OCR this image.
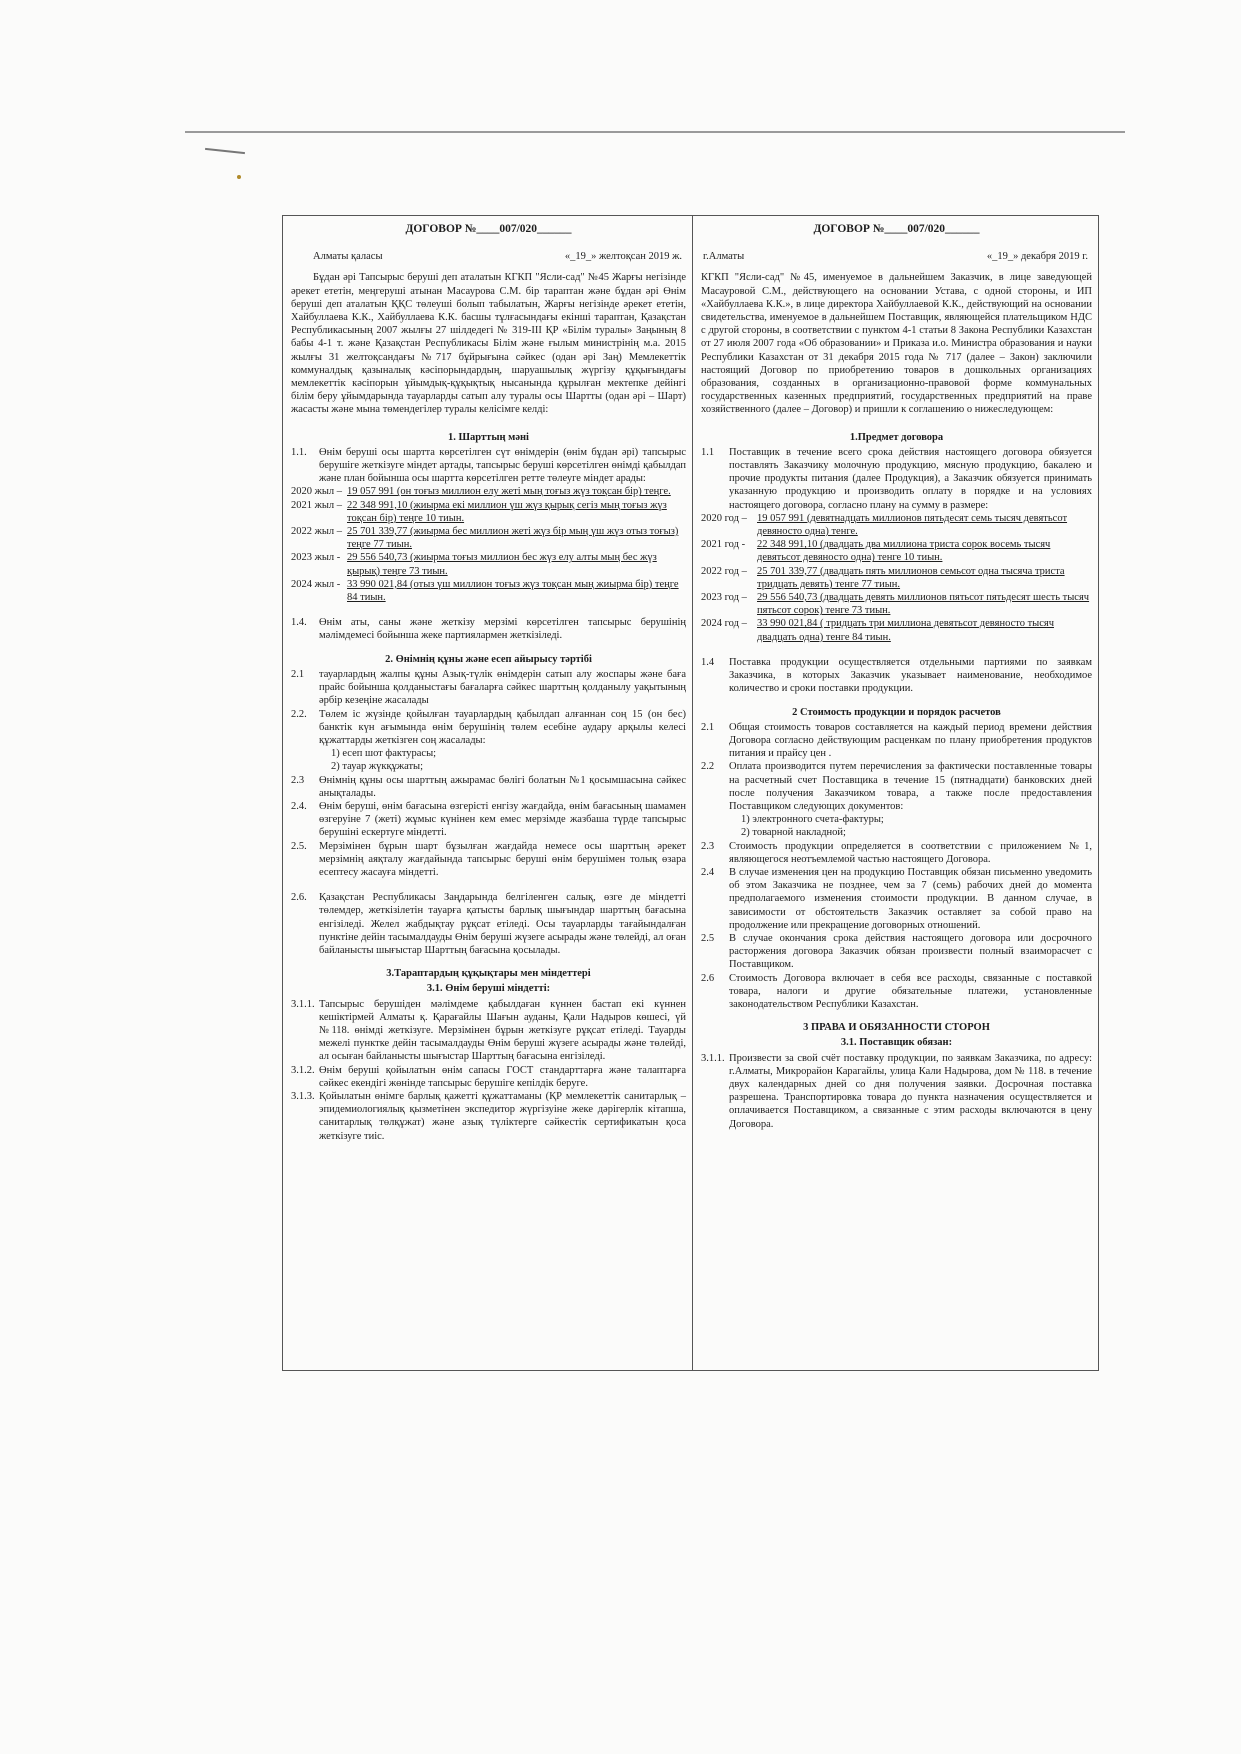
ДОГОВОР №____007/020______
Алматы қаласы	«_19_» желтоқсан 2019 ж.

Бұдан әрі Тапсырыс беруші деп аталатын КГКП "Ясли-сад" №45 Жарғы негізінде әрекет ететін, меңгеруші атынан Масаурова С.М. бір тараптан және бұдан әрі Өнім беруші деп аталатын ҚҚС төлеуші болып табылатын, Жарғы негізінде әрекет ететін, Хайбуллаева К.К., Хайбуллаева К.К. басшы тұлғасындағы екінші тараптан, Қазақстан Республикасының 2007 жылғы 27 шілдедегі № 319-III ҚР «Білім туралы» Заңының 8 бабы 4-1 т. және Қазақстан Республикасы Білім және ғылым министрінің м.а. 2015 жылғы 31 желтоқсандағы №717 бұйрығына сәйкес (одан әрі Заң) Мемлекеттік коммуналдық қазыналық кәсіпорындардың, шаруашылық жүргізу құқығындағы мемлекеттік кәсіпорын ұйымдық-құқықтық нысанында құрылған мектепке дейінгі білім беру ұйымдарында тауарларды сатып алу туралы осы Шартты (одан әрі – Шарт) жасасты және мына төмендегілер туралы келісімге келді:

1. Шарттың мәні
1.1.	Өнім беруші осы шартта көрсетілген сүт өнімдерін (өнім бұдан әрі) тапсырыс берушіге жеткізуге міндет артады, тапсырыс беруші көрсетілген өнімді қабылдап және план бойынша осы шартта көрсетілген ретте төлеуге міндет арады:
2020 жыл – 19 057 991 (он тоғыз миллион елу жеті мың тоғыз жүз тоқсан бір) теңге.
2021 жыл – 22 348 991,10 (жиырма екі миллион үш жүз қырық сегіз мың тоғыз жүз тоқсан бір) теңге 10 тиын.
2022 жыл – 25 701 339,77 (жиырма бес миллион жеті жүз бір мың үш жүз отыз тоғыз) теңге 77 тиын.
2023 жыл - 29 556 540,73 (жиырма тоғыз миллион бес жүз елу алты мың бес жүз қырық) теңге 73 тиын.
2024 жыл - 33 990 021,84 (отыз үш миллион тоғыз жүз тоқсан мың жиырма бір) теңге 84 тиын.
1.4.	Өнім аты, саны және жеткізу мерзімі көрсетілген тапсырыс берушінің мәлімдемесі бойынша жеке партиялармен жеткізіледі.
2. Өнімнің құны және есеп айырысу тәртібі
2.1	тауарлардың жалпы құны Азық-түлік өнімдерін сатып алу жоспары және баға прайс бойынша қолданыстағы бағаларға сәйкес шарттың қолданылу уақытының әрбір кезеңіне жасалады
2.2.	Төлем іс жүзінде қойылған тауарлардың қабылдап алғаннан соң 15 (он бес) банктік күн ағымында өнім берушінің төлем есебіне аудару арқылы келесі құжаттарды жеткізген соң жасалады:
1) есеп шот фактурасы;
2) тауар жүкқұжаты;
2.3	Өнімнің құны осы шарттың ажырамас бөлігі болатын №1 қосымшасына сәйкес анықталады.
2.4.	Өнім беруші, өнім бағасына өзгерісті енгізу жағдайда, өнім бағасының шамамен өзгеруіне 7 (жеті) жұмыс күнінен кем емес мерзімде жазбаша түрде тапсырыс берушіні ескертуге міндетті.
2.5.	Мерзімінен бұрын шарт бұзылған жағдайда немесе осы шарттың әрекет мерзімнің аяқталу жағдайында тапсырыс беруші өнім берушімен толық өзара есептесу жасауға міндетті.
2.6.	Қазақстан Республикасы Заңдарында белгіленген салық, өзге де міндетті төлемдер, жеткізілетін тауарға қатысты барлық шығындар шарттың бағасына енгізіледі. Желел жабдықтау рұқсат етіледі. Осы тауарларды тағайындалған пунктіне дейін тасымалдауды Өнім беруші жүзеге асырады және төлейді, ал оған байланысты шығыстар Шарттың бағасына қосылады.
3.Тараптардың құқықтары мен міндеттері
3.1. Өнім беруші міндетті:
3.1.1. Тапсырыс берушіден мәлімдеме қабылдаған күннен бастап екі күннен кешіктірмей Алматы қ. Қарағайлы Шағын ауданы, Қали Надыров көшесі, үй №118. өнімді жеткізуге. Мерзімінен бұрын жеткізуге рұқсат етіледі. Тауарды межелі пунктке дейін тасымалдауды Өнім беруші жүзеге асырады және төлейді, ал осыған байланысты шығыстар Шарттың бағасына енгізіледі.
3.1.2. Өнім беруші қойылатын өнім сапасы ГОСТ стандарттарға және талаптарға сәйкес екендігі жөнінде тапсырыс берушіге кепілдік беруге.
3.1.3. Қойылатын өнімге барлық қажетті құжаттаманы (ҚР мемлекеттік санитарлық – эпидемиологиялық қызметінен экспедитор жүргізуіне жеке дәрігерлік кітапша, санитарлық төлқұжат) және азық түліктерге сәйкестік сертификатын қоса жеткізуге тиіс.
ДОГОВОР №____007/020______
г.Алматы	«_19_» декабря 2019 г.

КГКП "Ясли-сад" №45, именуемое в дальнейшем Заказчик, в лице заведующей Масауровой С.М., действующего на основании Устава, с одной стороны, и ИП «Хайбуллаева К.К.», в лице директора Хайбуллаевой К.К., действующий на основании свидетельства, именуемое в дальнейшем Поставщик, являющейся плательщиком НДС с другой стороны, в соответствии с пунктом 4-1 статьи 8 Закона Республики Казахстан от 27 июля 2007 года «Об образовании» и Приказа и.о. Министра образования и науки Республики Казахстан от 31 декабря 2015 года № 717 (далее – Закон) заключили настоящий Договор по приобретению товаров в дошкольных организациях образования, созданных в организационно-правовой форме коммунальных государственных казенных предприятий, государственных предприятий на праве хозяйственного (далее – Договор) и пришли к соглашению о нижеследующем:

1.Предмет договора
1.1	Поставщик в течение всего срока действия настоящего договора обязуется поставлять Заказчику молочную продукцию, мясную продукцию, бакалею и прочие продукты питания (далее Продукция), а Заказчик обязуется принимать указанную продукцию и производить оплату в порядке и на условиях настоящего договора, согласно плану на сумму в размере:
2020 год – 19 057 991 (девятнадцать миллионов пятьдесят семь тысяч девятьсот девяносто одна) тенге.
2021 год -	22 348 991,10 (двадцать два миллиона триста сорок восемь тысяч девятьсот девяносто одна) тенге 10 тиын.
2022 год – 25 701 339,77 (двадцать пять миллионов семьсот одна тысяча триста тридцать девять) тенге 77 тиын.
2023 год – 29 556 540,73 (двадцать девять миллионов пятьсот пятьдесят шесть тысяч пятьсот сорок) тенге 73 тиын.
2024 год – 33 990 021,84 ( тридцать три миллиона девятьсот девяносто тысяч двадцать одна) тенге 84 тиын.
1.4	Поставка продукции осуществляется отдельными партиями по заявкам Заказчика, в которых Заказчик указывает наименование, необходимое количество и сроки поставки продукции.
2 Стоимость продукции и порядок расчетов
2.1	Общая стоимость товаров составляется на каждый период времени действия Договора согласно действующим расценкам по плану приобретения продуктов питания и прайсу цен .
2.2	Оплата производится путем перечисления за фактически поставленные товары на расчетный счет Поставщика в течение 15 (пятнадцати) банковских дней после получения Заказчиком товара, а также после предоставления Поставщиком следующих документов:
1) электронного счета-фактуры;
2) товарной накладной;
2.3	Стоимость продукции определяется в соответствии с приложением №1, являющегося неотъемлемой частью настоящего Договора.
2.4	В случае изменения цен на продукцию Поставщик обязан письменно уведомить об этом Заказчика не позднее, чем за 7 (семь) рабочих дней до момента предполагаемого изменения стоимости продукции. В данном случае, в зависимости от обстоятельств Заказчик оставляет за собой право на продолжение или прекращение договорных отношений.
2.5	В случае окончания срока действия настоящего договора или досрочного расторжения договора Заказчик обязан произвести полный взаиморасчет с Поставщиком.
2.6	Стоимость Договора включает в себя все расходы, связанные с поставкой товара, налоги и другие обязательные платежи, установленные законодательством Республики Казахстан.
3 ПРАВА И ОБЯЗАННОСТИ СТОРОН
3.1. Поставщик обязан:
3.1.1. Произвести за свой счёт поставку продукции, по заявкам Заказчика, по адресу: г.Алматы, Микрорайон Карагайлы, улица Кали Надырова, дом № 118. в течение двух календарных дней со дня получения заявки. Досрочная поставка разрешена. Транспортировка товара до пункта назначения осуществляется и оплачивается Поставщиком, а связанные с этим расходы включаются в цену Договора.
